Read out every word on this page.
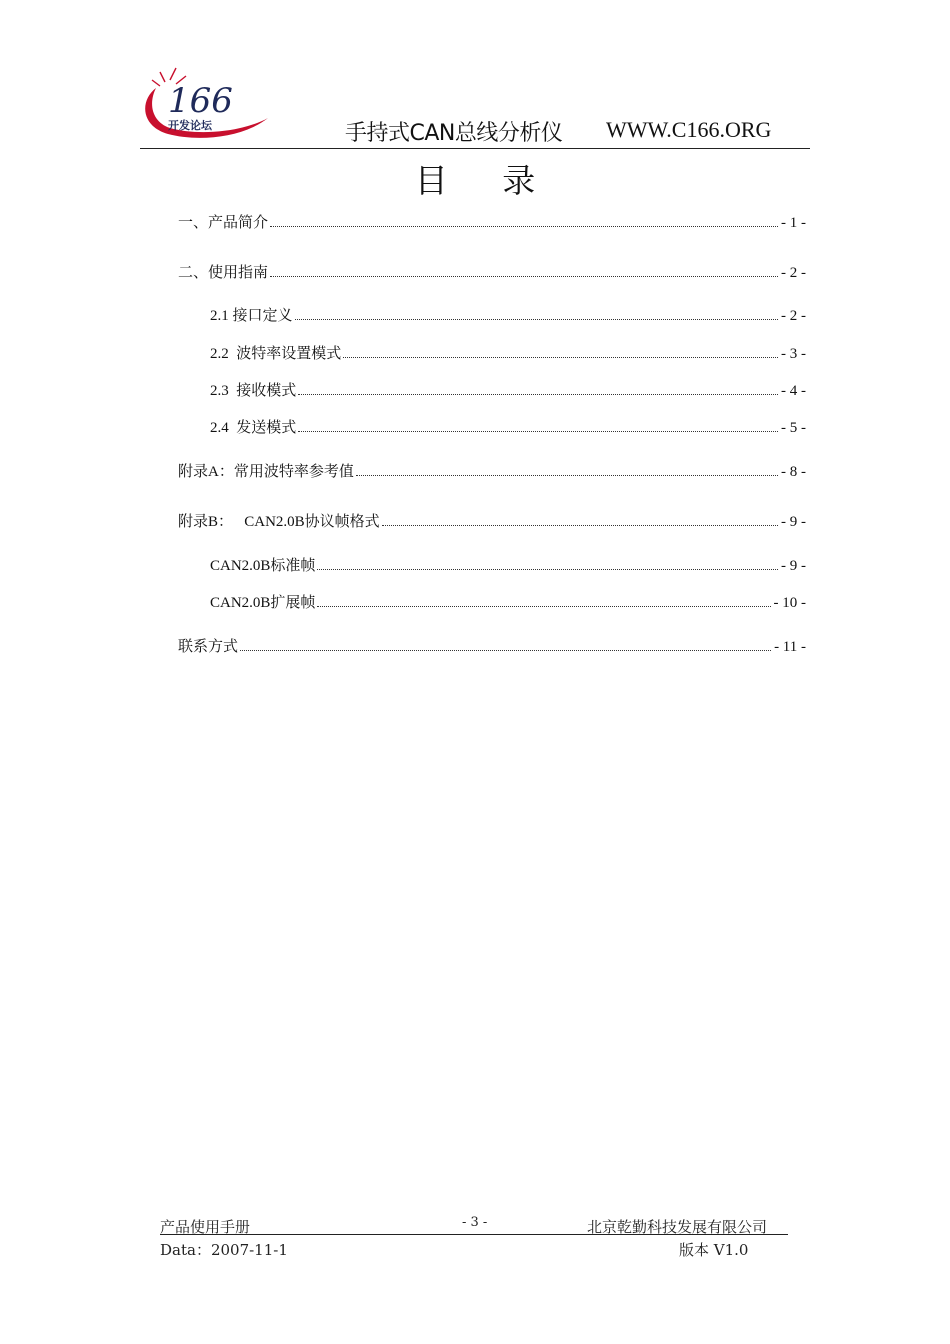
166
开发论坛	手持式CAN总线分析仪 WWW.C166.ORG
目 录
一、产品简介	- 1 -
二、使用指南	- 2 -
2.1 接口定义	- 2 -
2.2  波特率设置模式	- 3 -
2.3  接收模式	- 4 -
2.4  发送模式	- 5 -
附录A：常用波特率参考值	- 8 -
附录B：   CAN2.0B协议帧格式	- 9 -
CAN2.0B标准帧	- 9 -
CAN2.0B扩展帧	- 10 -
联系方式	- 11 -
产品使用手册	- 3 -	北京乾勤科技发展有限公司
Data：2007-11-1	版本 V1.0
